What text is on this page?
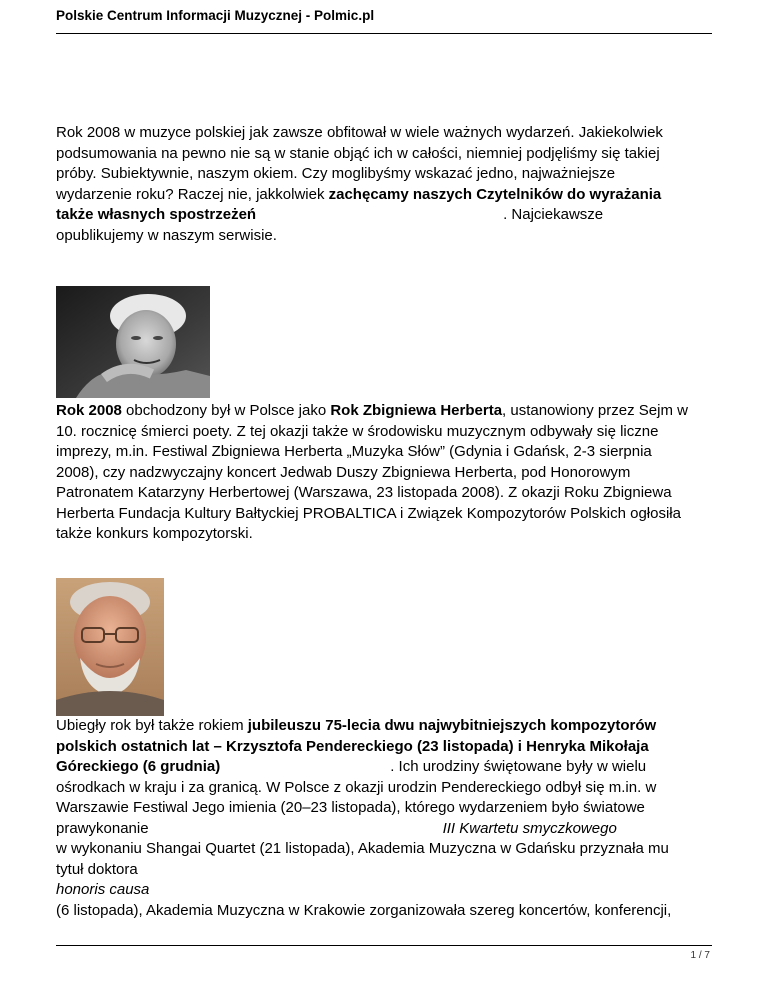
Polskie Centrum Informacji Muzycznej - Polmic.pl
Rok 2008 w muzyce polskiej jak zawsze obfitował w wiele ważnych wydarzeń. Jakiekolwiek
podsumowania na pewno nie są w stanie objąć ich w całości, niemniej podjęliśmy się takiej
próby. Subiektywnie, naszym okiem. Czy moglibyśmy wskazać jedno, najważniejsze
wydarzenie roku? Raczej nie, jakkolwiek zachęcamy naszych Czytelników do wyrażania
także własnych spostrzeżeń	. Najciekawsze
opublikujemy w naszym serwisie.
Rok 2008 obchodzony był w Polsce jako Rok Zbigniewa Herberta, ustanowiony przez Sejm w
10. rocznicę śmierci poety. Z tej okazji także w środowisku muzycznym odbywały się liczne
imprezy, m.in. Festiwal Zbigniewa Herberta „Muzyka Słów” (Gdynia i Gdańsk, 2-3 sierpnia
2008), czy nadzwyczajny koncert Jedwab Duszy Zbigniewa Herberta, pod Honorowym
Patronatem Katarzyny Herbertowej (Warszawa, 23 listopada 2008). Z okazji Roku Zbigniewa
Herberta Fundacja Kultury Bałtyckiej PROBALTICA i Związek Kompozytorów Polskich ogłosiła
także konkurs kompozytorski.
Ubiegły rok był także rokiem jubileuszu 75-lecia dwu najwybitniejszych kompozytorów
polskich ostatnich lat – Krzysztofa Pendereckiego (23 listopada) i Henryka Mikołaja
Góreckiego (6 grudnia)	. Ich urodziny świętowane były w wielu
ośrodkach w kraju i za granicą. W Polsce z okazji urodzin Pendereckiego odbył się m.in. w
Warszawie Festiwal Jego imienia (20–23 listopada), którego wydarzeniem było światowe
prawykonanie	III Kwartetu smyczkowego
w wykonaniu Shangai Quartet (21 listopada), Akademia Muzyczna w Gdańsku przyznała mu
tytuł doktora
honoris causa
(6 listopada), Akademia Muzyczna w Krakowie zorganizowała szereg koncertów, konferencji,
1 / 7
